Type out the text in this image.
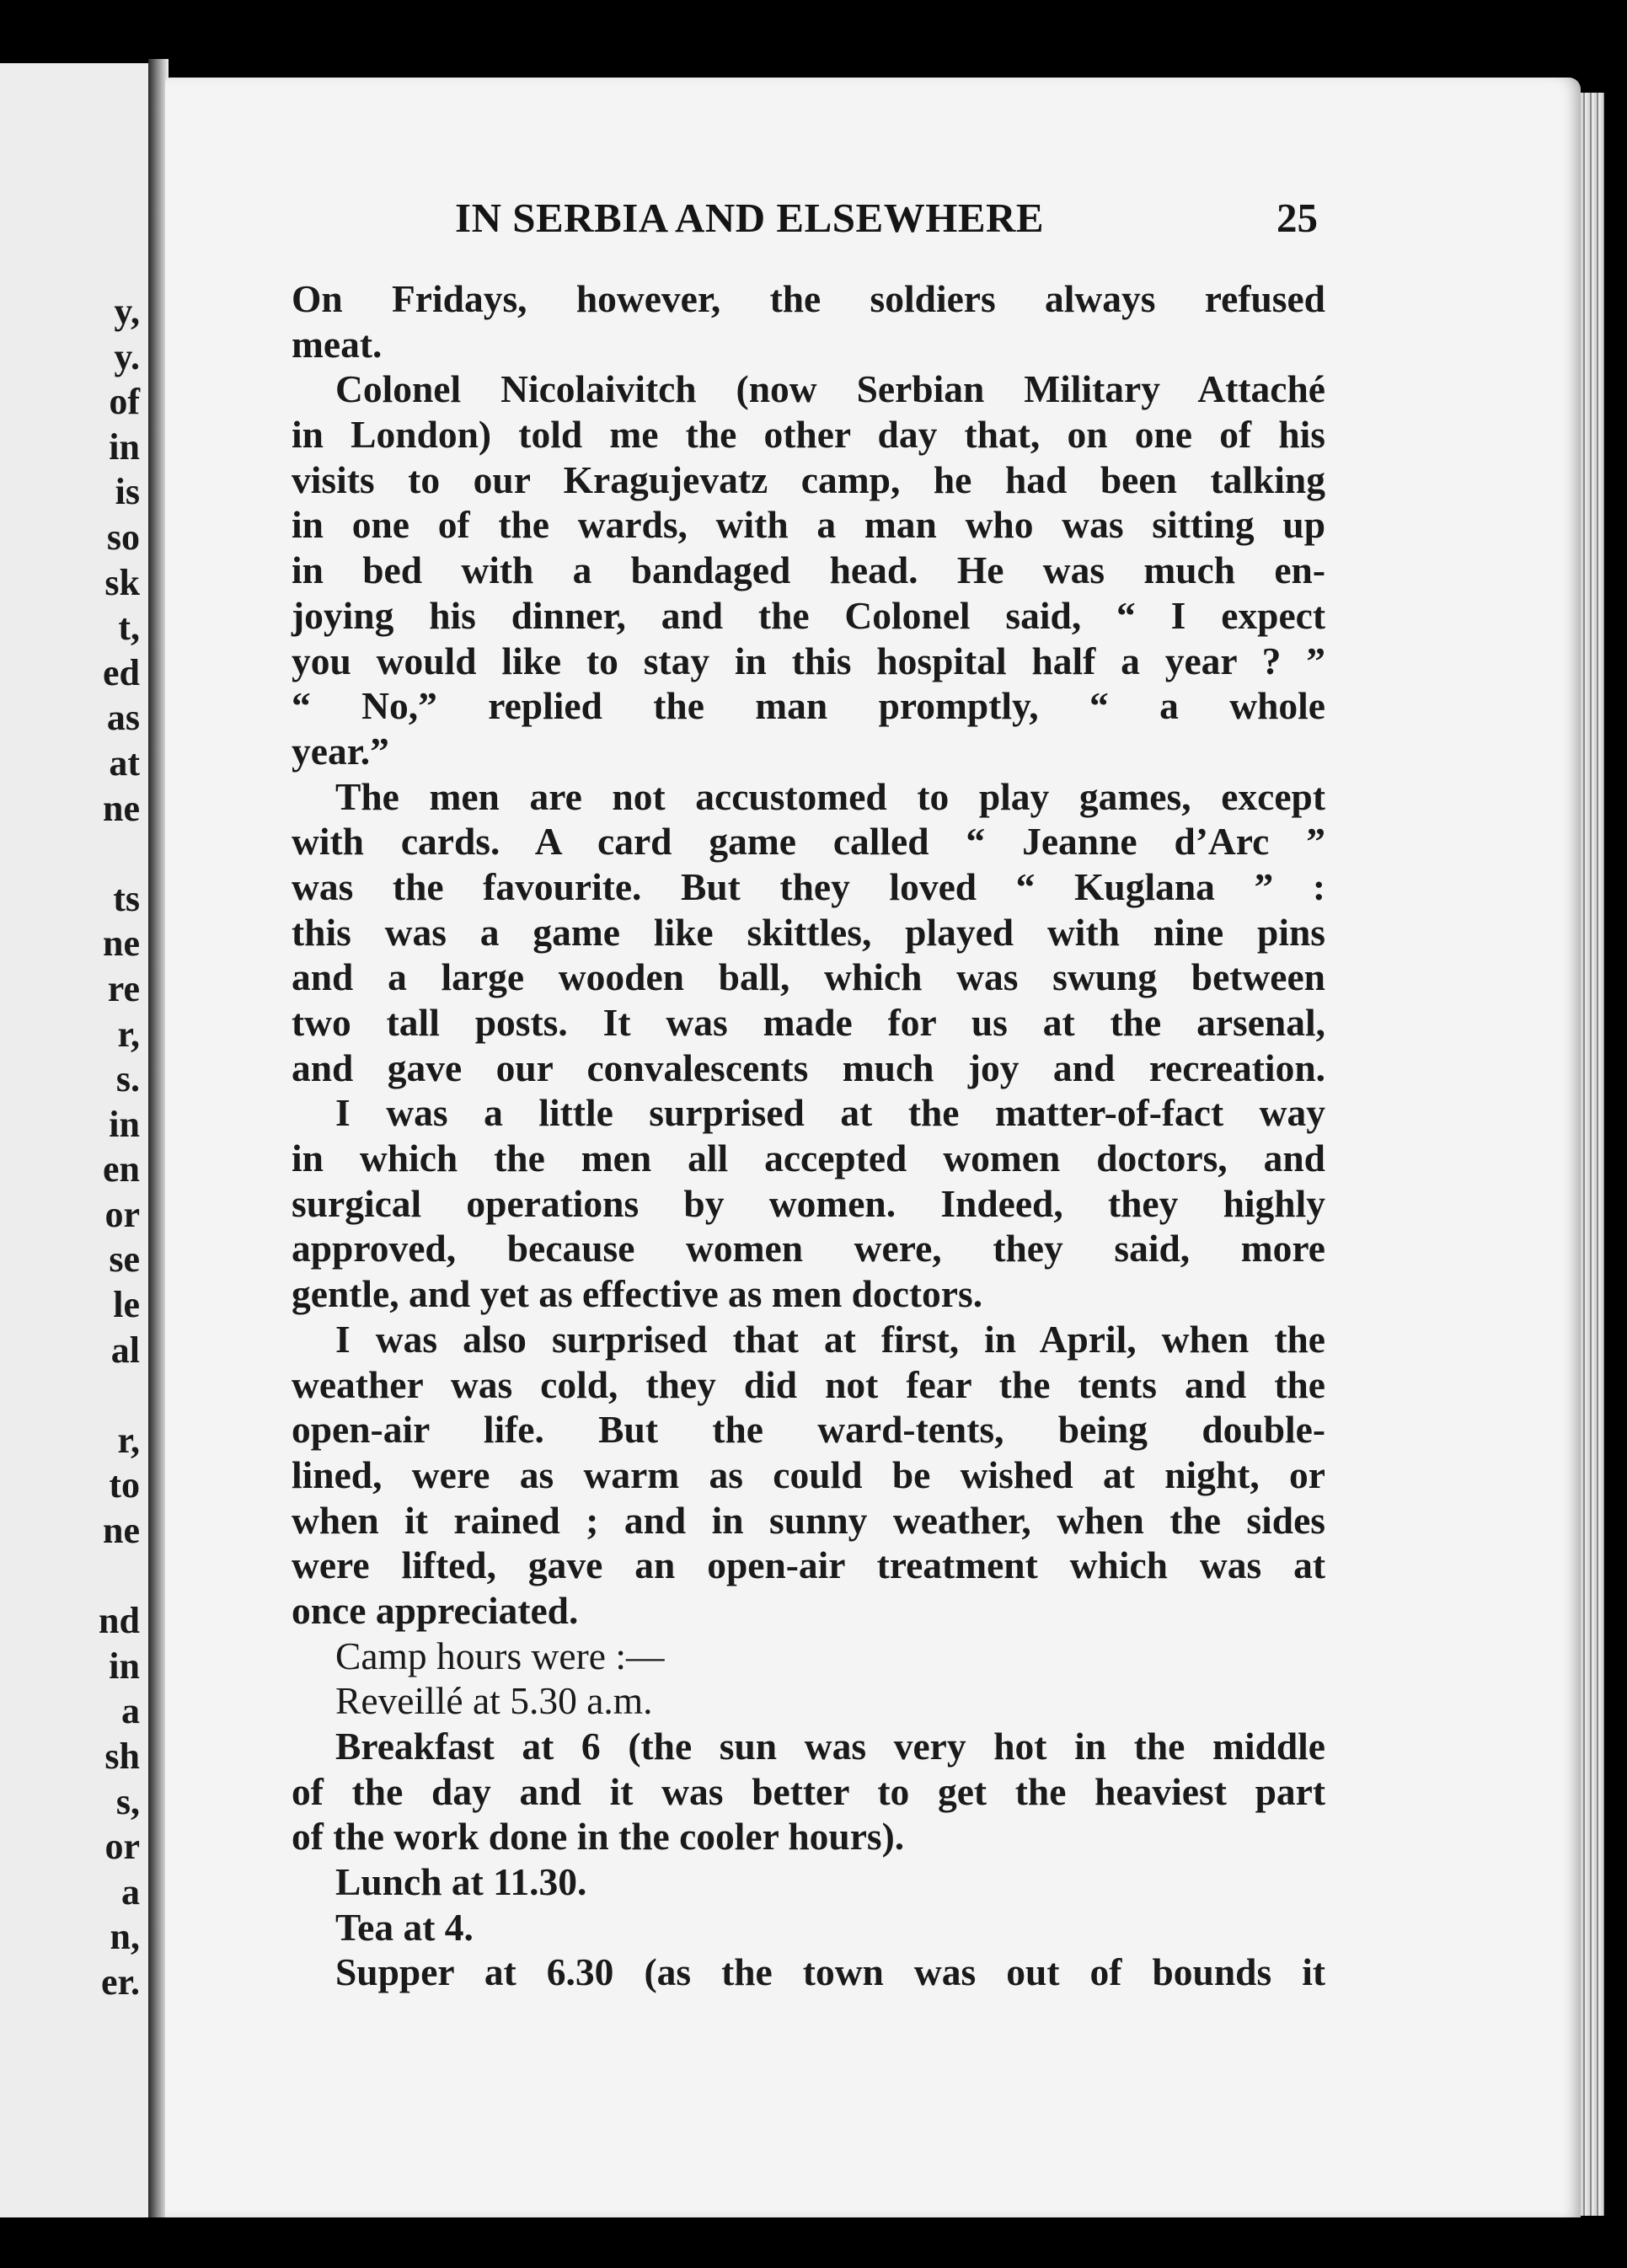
y,
y.
of
in
is
so
sk
t,
ed
as
at
ne

ts
ne
re
r,
s.
in
en
or
se
le
al

r,
to
ne

nd
in
a
sh
s,
or
a
n,
er.
IN SERBIA AND ELSEWHERE	25
On Fridays, however, the soldiers always refused
meat.
Colonel Nicolaivitch (now Serbian Military Attaché
in London) told me the other day that, on one of his
visits to our Kragujevatz camp, he had been talking
in one of the wards, with a man who was sitting up
in bed with a bandaged head. He was much en-
joying his dinner, and the Colonel said, “ I expect
you would like to stay in this hospital half a year ? ”
“ No,” replied the man promptly, “ a whole
year.”
The men are not accustomed to play games, except
with cards. A card game called “ Jeanne d’Arc ”
was the favourite. But they loved “ Kuglana ” :
this was a game like skittles, played with nine pins
and a large wooden ball, which was swung between
two tall posts. It was made for us at the arsenal,
and gave our convalescents much joy and recreation.
I was a little surprised at the matter-of-fact way
in which the men all accepted women doctors, and
surgical operations by women. Indeed, they highly
approved, because women were, they said, more
gentle, and yet as effective as men doctors.
I was also surprised that at first, in April, when the
weather was cold, they did not fear the tents and the
open-air life. But the ward-tents, being double-
lined, were as warm as could be wished at night, or
when it rained ; and in sunny weather, when the sides
were lifted, gave an open-air treatment which was at
once appreciated.
Camp hours were :—
Reveillé at 5.30 a.m.
Breakfast at 6 (the sun was very hot in the middle
of the day and it was better to get the heaviest part
of the work done in the cooler hours).
Lunch at 11.30.
Tea at 4.
Supper at 6.30 (as the town was out of bounds it
